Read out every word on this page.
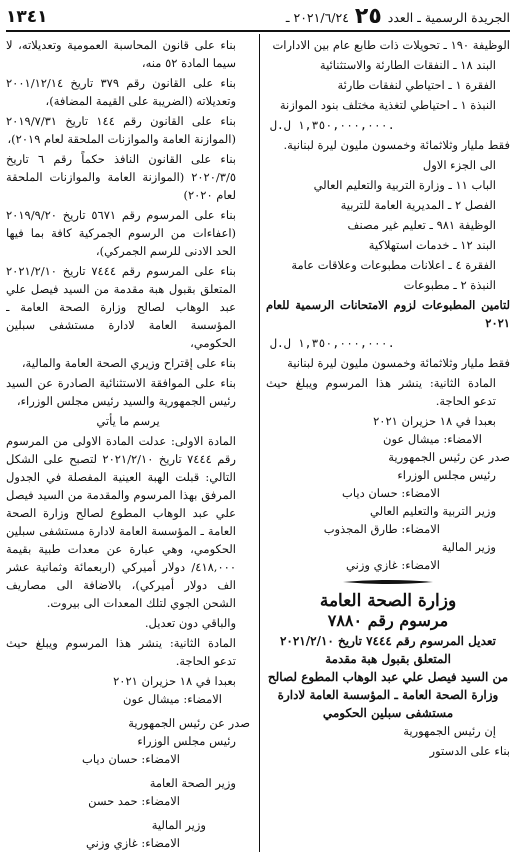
الجريدة الرسمية ـ العدد
٢٥
٢٠٢١/٦/٢٤ ـ
١٣٤١

الوظيفة ١٩٠ ـ تحويلات ذات طابع عام بين الادارات

البند ١٨ ـ النفقات الطارئة والاستثنائية

الفقرة ١ ـ احتياطي لنفقات طارئة

النبذة ١ ـ احتياطي لتغذية مختلف بنود الموازنة

١,٣٥٠,٠٠٠,٠٠٠ ل.ل.

فقط مليار وثلاثمائة وخمسون مليون ليرة لبنانية.

الى الجزء الاول

الباب ١١ ـ وزارة التربية والتعليم العالي

الفصل ٢ ـ المديرية العامة للتربية

الوظيفة ٩٨١ ـ تعليم غير مصنف

البند ١٢ ـ خدمات استهلاكية

الفقرة ٤ ـ اعلانات مطبوعات وعلاقات عامة

النبذة ٢ ـ مطبوعات

لتامين المطبوعات لزوم الامتحانات الرسمية للعام ٢٠٢١

١,٣٥٠,٠٠٠,٠٠٠ ل.ل.

فقط مليار وثلاثمائة وخمسون مليون ليرة لبنانية

المادة الثانية: ينشر هذا المرسوم ويبلغ حيث تدعو الحاجة.

بعبدا في ١٨ حزيران ٢٠٢١

الامضاء: ميشال عون

صدر عن رئيس الجمهورية

رئيس مجلس الوزراء

الامضاء: حسان دياب

وزير التربية والتعليم العالي

الامضاء: طارق المجذوب

وزير المالية

الامضاء: غازي وزني

وزارة الصحة العامة
مرسوم رقم ٧٨٨٠
تعديل المرسوم رقم ٧٤٤٤ تاريخ ٢٠٢١/٢/١٠
المتعلق بقبول هبة مقدمة
من السيد فيصل علي عبد الوهاب المطوع لصالح وزارة الصحة العامة ـ المؤسسة العامة لادارة مستشفى سبلين الحكومي

إن رئيس الجمهورية

بناء على الدستور

بناء على قانون المحاسبة العمومية وتعديلاته، لا سيما المادة ٥٢ منه،

بناء على القانون رقم ٣٧٩ تاريخ ٢٠٠١/١٢/١٤ وتعديلاته (الضريبة على القيمة المضافة)،

بناء على القانون رقم ١٤٤ تاريخ ٢٠١٩/٧/٣١ (الموازنة العامة والموازنات الملحقة لعام ٢٠١٩)،

بناء على القانون النافذ حكماً رقم ٦ تاريخ ٢٠٢٠/٣/٥ (الموازنة العامة والموازنات الملحقة لعام ٢٠٢٠)

بناء على المرسوم رقم ٥٦٧١ تاريخ ٢٠١٩/٩/٢٠ (اعفاءات من الرسوم الجمركية كافة بما فيها الحد الادنى للرسم الجمركي)،

بناء على المرسوم رقم ٧٤٤٤ تاريخ ٢٠٢١/٢/١٠ المتعلق بقبول هبة مقدمة من السيد فيصل علي عبد الوهاب لصالح وزارة الصحة العامة ـ المؤسسة العامة لادارة مستشفى سبلين الحكومي،

بناء على إقتراح وزيري الصحة العامة والمالية،

بناء على الموافقة الاستثنائية الصادرة عن السيد رئيس الجمهورية والسيد رئيس مجلس الوزراء،

يرسم ما يأتي

المادة الاولى: عدلت المادة الاولى من المرسوم رقم ٧٤٤٤ تاريخ ٢٠٢١/٢/١٠ لتصبح على الشكل التالي: قبلت الهبة العينية المفصلة في الجدول المرفق بهذا المرسوم والمقدمة من السيد فيصل علي عبد الوهاب المطوع لصالح وزارة الصحة العامة ـ المؤسسة العامة لادارة مستشفى سبلين الحكومي، وهي عبارة عن معدات طبية بقيمة ٤١٨,٠٠٠/ دولار أميركي (اربعمائة وثمانية عشر الف دولار أميركي)، بالاضافة الى مصاريف الشحن الجوي لتلك المعدات الى بيروت.

والباقي دون تعديل.

المادة الثانية: ينشر هذا المرسوم ويبلغ حيث تدعو الحاجة.

بعبدا في ١٨ حزيران ٢٠٢١

الامضاء: ميشال عون

صدر عن رئيس الجمهورية

رئيس مجلس الوزراء

الامضاء: حسان دياب

وزير الصحة العامة

الامضاء: حمد حسن

وزير المالية

الامضاء: غازي وزني
